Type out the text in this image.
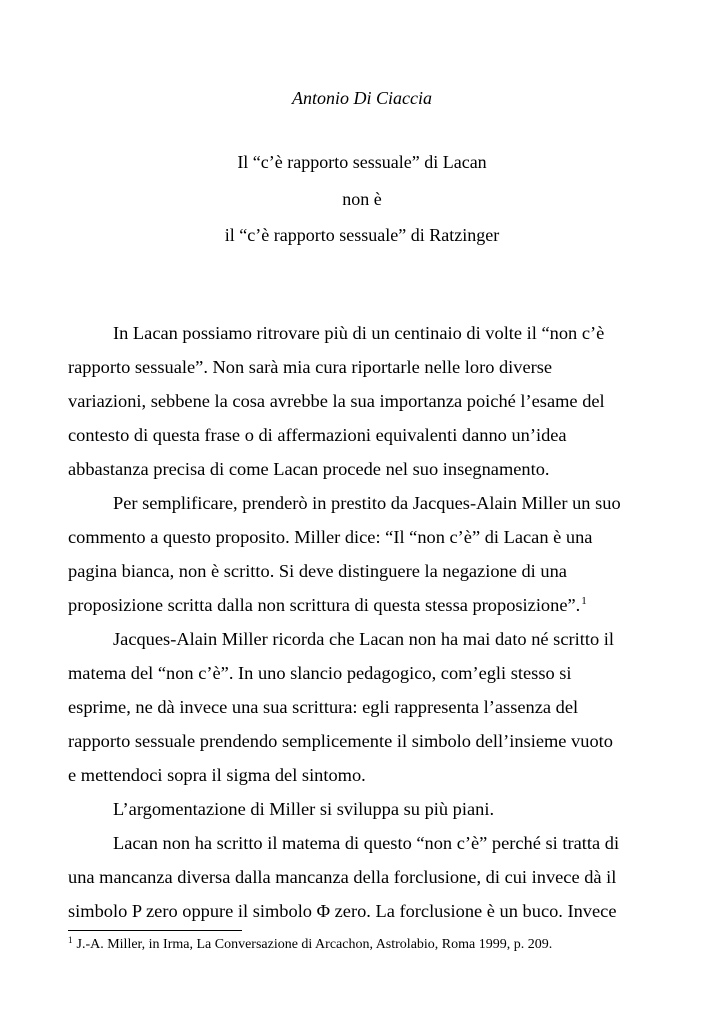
Antonio Di Ciaccia
Il “c’è rapporto sessuale” di Lacan
non è
il “c’è rapporto sessuale” di Ratzinger
In Lacan possiamo ritrovare più di un centinaio di volte il “non c’è
rapporto sessuale”. Non sarà mia cura riportarle nelle loro diverse
variazioni, sebbene la cosa avrebbe la sua importanza poiché l’esame del
contesto di questa frase o di affermazioni equivalenti danno un’idea
abbastanza precisa di come Lacan procede nel suo insegnamento.
Per semplificare, prenderò in prestito da Jacques-Alain Miller un suo
commento a questo proposito. Miller dice: “Il “non c’è” di Lacan è una
pagina bianca, non è scritto. Si deve distinguere la negazione di una
proposizione scritta dalla non scrittura di questa stessa proposizione”.$^1$
Jacques-Alain Miller ricorda che Lacan non ha mai dato né scritto il
matema del “non c’è”. In uno slancio pedagogico, com’egli stesso si
esprime, ne dà invece una sua scrittura: egli rappresenta l’assenza del
rapporto sessuale prendendo semplicemente il simbolo dell’insieme vuoto
e mettendoci sopra il sigma del sintomo.
L’argomentazione di Miller si sviluppa su più piani.
Lacan non ha scritto il matema di questo “non c’è” perché si tratta di
una mancanza diversa dalla mancanza della forclusione, di cui invece dà il
simbolo P zero oppure il simbolo Φ zero. La forclusione è un buco. Invece
$^1$ J.-A. Miller, in Irma, La Conversazione di Arcachon, Astrolabio, Roma 1999, p. 209.
